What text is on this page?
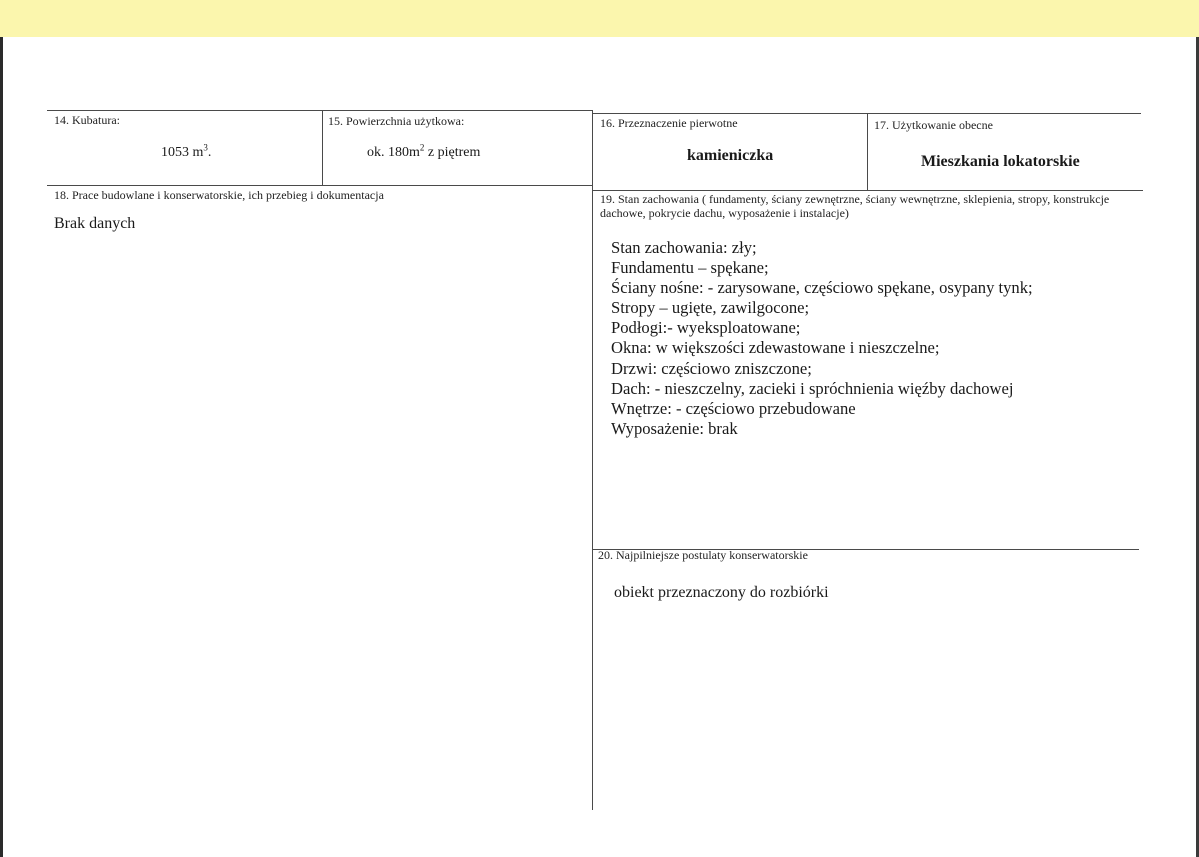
14. Kubatura:
1053 $m^3$.
15. Powierzchnia użytkowa:
ok. $180m^2$ z piętrem
16. Przeznaczenie pierwotne
kamieniczka
17. Użytkowanie obecne
Mieszkania lokatorskie
18. Prace budowlane i konserwatorskie, ich przebieg i dokumentacja
Brak danych
19. Stan zachowania ( fundamenty, ściany zewnętrzne, ściany wewnętrzne, sklepienia, stropy, konstrukcje dachowe, pokrycie dachu, wyposażenie i instalacje)
Stan zachowania: zły;
Fundamentu – spękane;
Ściany nośne: - zarysowane, częściowo spękane, osypany tynk;
Stropy – ugięte, zawilgocone;
Podłogi:- wyeksploatowane;
Okna: w większości zdewastowane i nieszczelne;
Drzwi: częściowo zniszczone;
Dach: - nieszczelny, zacieki i spróchnienia więźby dachowej
Wnętrze: - częściowo przebudowane
Wyposażenie: brak
20. Najpilniejsze postulaty konserwatorskie
obiekt przeznaczony do rozbiórki
